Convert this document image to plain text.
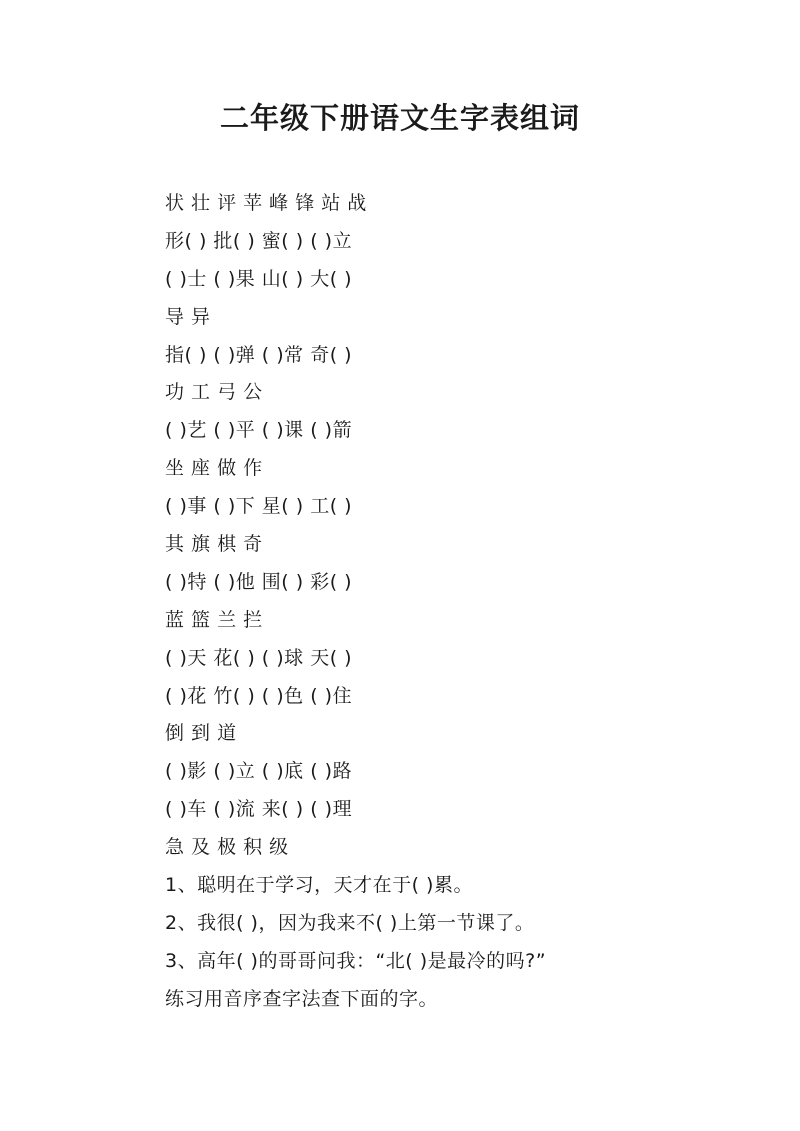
二年级下册语文生字表组词
状 壮 评 苹 峰 锋 站 战
形( ) 批( ) 蜜( ) ( )立
( )士 ( )果 山( ) 大( )
导 异
指( ) ( )弹 ( )常 奇( )
功 工 弓 公
( )艺 ( )平 ( )课 ( )箭
坐 座 做 作
( )事 ( )下 星( ) 工( )
其 旗 棋 奇
( )特 ( )他 围( ) 彩( )
蓝 篮 兰 拦
( )天 花( ) ( )球 天( )
( )花 竹( ) ( )色 ( )住
倒 到 道
( )影 ( )立 ( )底 ( )路
( )车 ( )流 来( ) ( )理
急 及 极 积 级
1、聪明在于学习，天才在于( )累。
2、我很( )，因为我来不( )上第一节课了。
3、高年( )的哥哥问我：“北( )是最冷的吗?”
练习用音序查字法查下面的字。
